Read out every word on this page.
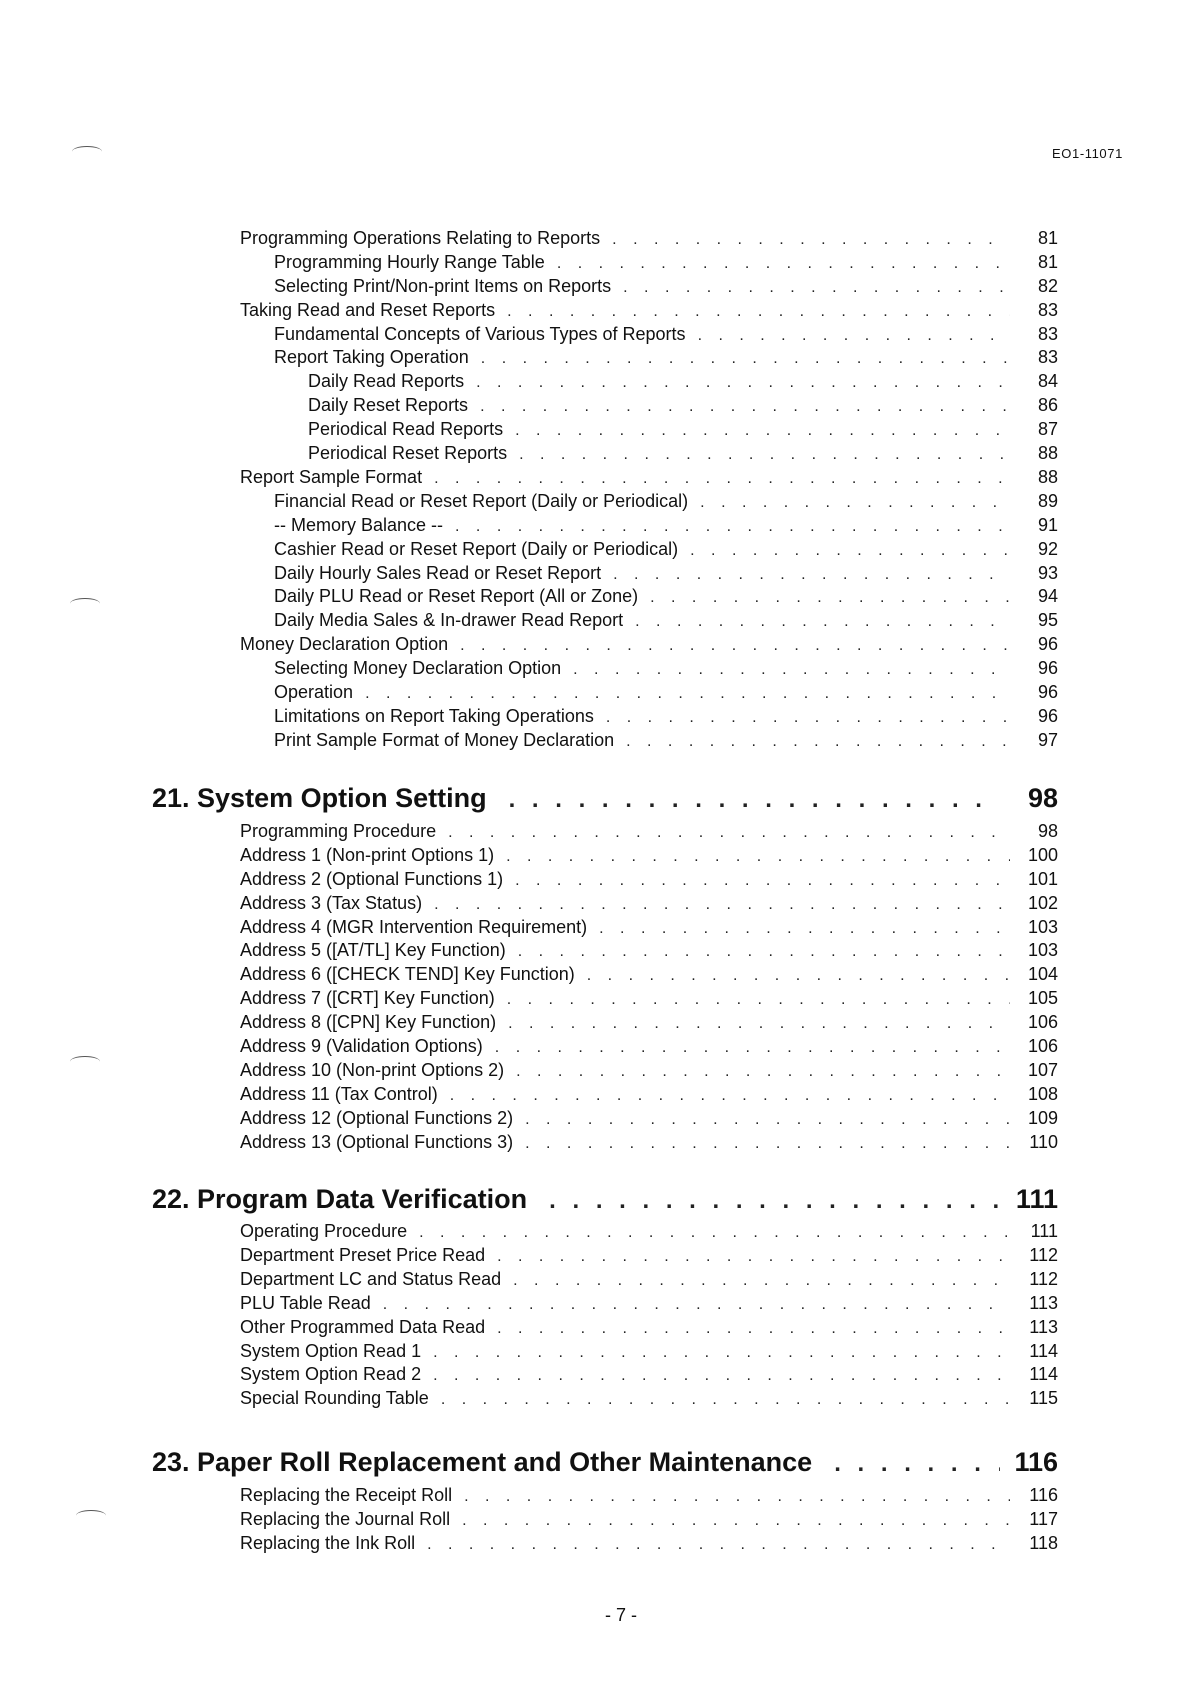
EO1-11071
Programming Operations Relating to Reports . . .	81
Programming Hourly Range Table . . .	81
Selecting Print/Non-print Items on Reports . . .	82
Taking Read and Reset Reports . . .	83
Fundamental Concepts of Various Types of Reports . . .	83
Report Taking Operation . . .	83
Daily Read Reports . . .	84
Daily Reset Reports . . .	86
Periodical Read Reports . . .	87
Periodical Reset Reports . . .	88
Report Sample Format . . .	88
Financial Read or Reset Report (Daily or Periodical) . . .	89
-- Memory Balance -- . . .	91
Cashier Read or Reset Report (Daily or Periodical) . . .	92
Daily Hourly Sales Read or Reset Report . . .	93
Daily PLU Read or Reset Report (All or Zone) . . .	94
Daily Media Sales & In-drawer Read Report . . .	95
Money Declaration Option . . .	96
Selecting Money Declaration Option . . .	96
Operation . . .	96
Limitations on Report Taking Operations . . .	96
Print Sample Format of Money Declaration . . .	97
21. System Option Setting . . .	98
Programming Procedure . . .	98
Address 1 (Non-print Options 1) . . .	100
Address 2 (Optional Functions 1) . . .	101
Address 3 (Tax Status) . . .	102
Address 4 (MGR Intervention Requirement) . . .	103
Address 5 ([AT/TL] Key Function) . . .	103
Address 6 ([CHECK TEND] Key Function) . . .	104
Address 7 ([CRT] Key Function) . . .	105
Address 8 ([CPN] Key Function) . . .	106
Address 9 (Validation Options) . . .	106
Address 10 (Non-print Options 2) . . .	107
Address 11 (Tax Control) . . .	108
Address 12 (Optional Functions 2) . . .	109
Address 13 (Optional Functions 3) . . .	110
22. Program Data Verification . . .	111
Operating Procedure . . .	111
Department Preset Price Read . . .	112
Department LC and Status Read . . .	112
PLU Table Read . . .	113
Other Programmed Data Read . . .	113
System Option Read 1 . . .	114
System Option Read 2 . . .	114
Special Rounding Table . . .	115
23. Paper Roll Replacement and Other Maintenance . . .	116
Replacing the Receipt Roll . . .	116
Replacing the Journal Roll . . .	117
Replacing the Ink Roll . . .	118
- 7 -
